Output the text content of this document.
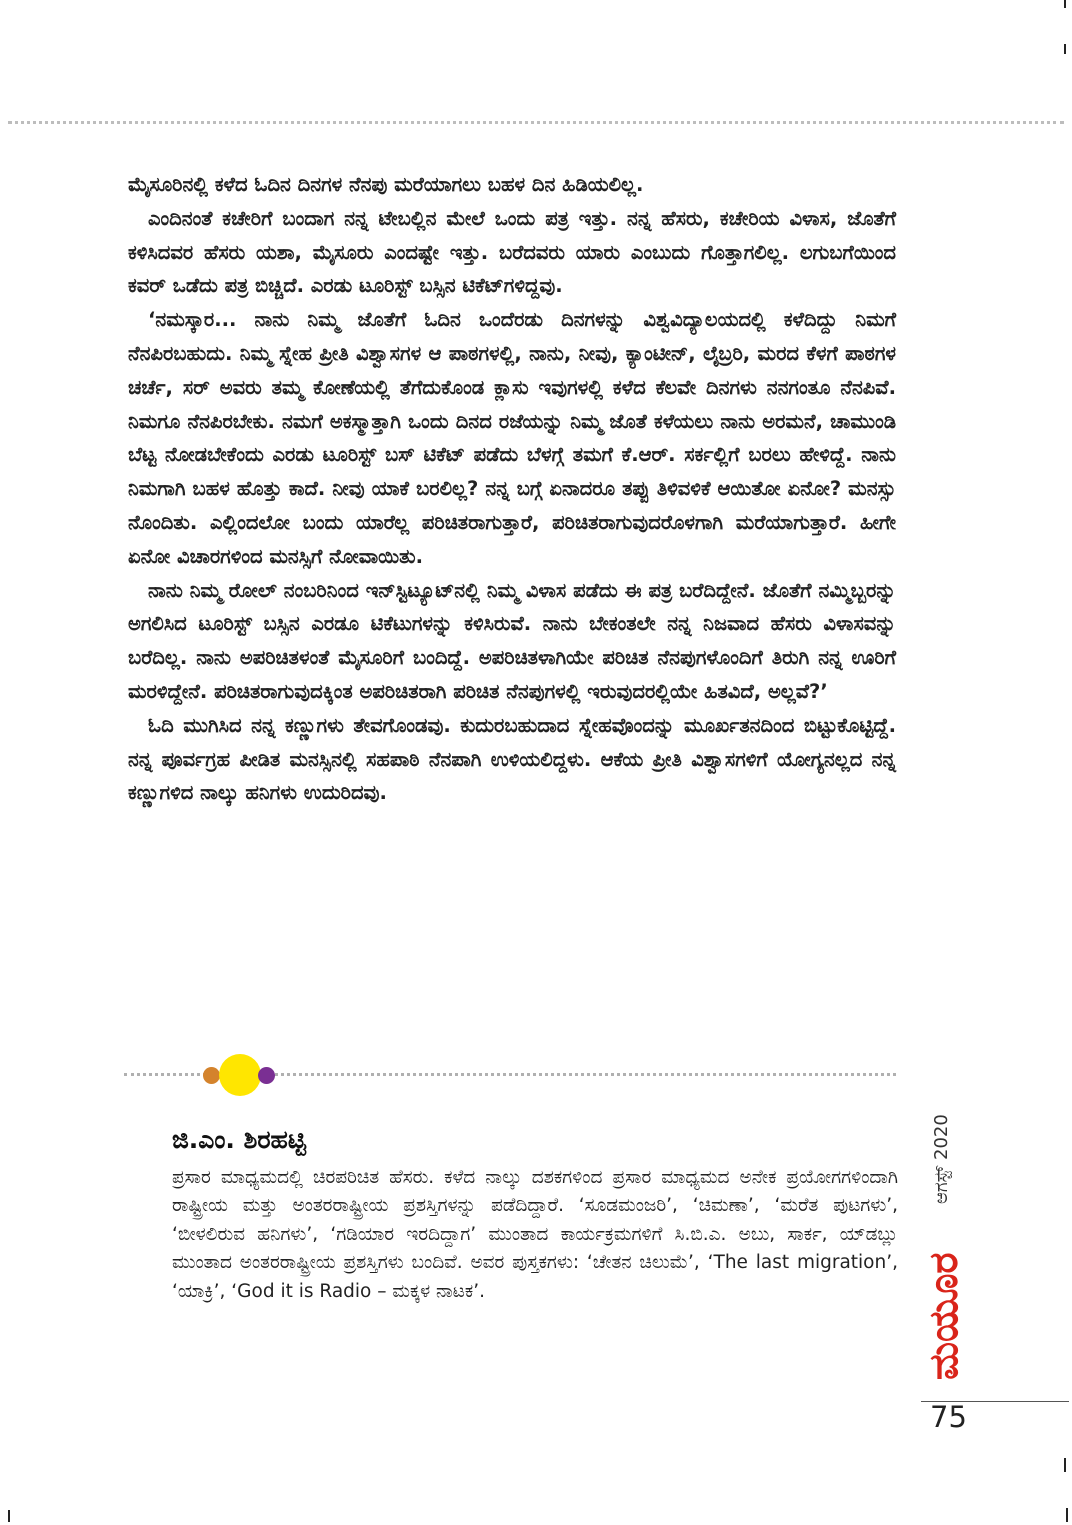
ಮೈಸೂರಿನಲ್ಲಿ ಕಳೆದ ಓದಿನ ದಿನಗಳ ನೆನಪು ಮರೆಯಾಗಲು ಬಹಳ ದಿನ ಹಿಡಿಯಲಿಲ್ಲ.

ಎಂದಿನಂತೆ ಕಚೇರಿಗೆ ಬಂದಾಗ ನನ್ನ ಟೇಬಲ್ಲಿನ ಮೇಲೆ ಒಂದು ಪತ್ರ ಇತ್ತು. ನನ್ನ ಹೆಸರು, ಕಚೇರಿಯ ವಿಳಾಸ, ಜೊತೆಗೆ ಕಳಿಸಿದವರ ಹೆಸರು ಯಶಾ, ಮೈಸೂರು ಎಂದಷ್ಟೇ ಇತ್ತು. ಬರೆದವರು ಯಾರು ಎಂಬುದು ಗೊತ್ತಾಗಲಿಲ್ಲ. ಲಗುಬಗೆಯಿಂದ ಕವರ್ ಒಡೆದು ಪತ್ರ ಬಿಚ್ಚಿದೆ. ಎರಡು ಟೂರಿಸ್ಟ್ ಬಸ್ಸಿನ ಟಿಕೆಟ್‌ಗಳಿದ್ದವು.

‘ನಮಸ್ಕಾರ... ನಾನು ನಿಮ್ಮ ಜೊತೆಗೆ ಓದಿನ ಒಂದೆರಡು ದಿನಗಳನ್ನು ವಿಶ್ವವಿದ್ಯಾಲಯದಲ್ಲಿ ಕಳೆದಿದ್ದು ನಿಮಗೆ ನೆನಪಿರಬಹುದು. ನಿಮ್ಮ ಸ್ನೇಹ ಪ್ರೀತಿ ವಿಶ್ವಾಸಗಳ ಆ ಪಾಠಗಳಲ್ಲಿ, ನಾನು, ನೀವು, ಕ್ಯಾಂಟೀನ್, ಲೈಬ್ರರಿ, ಮರದ ಕೆಳಗೆ ಪಾಠಗಳ ಚರ್ಚೆ, ಸರ್ ಅವರು ತಮ್ಮ ಕೋಣೆಯಲ್ಲಿ ತೆಗೆದುಕೊಂಡ ಕ್ಲಾಸು ಇವುಗಳಲ್ಲಿ ಕಳೆದ ಕೆಲವೇ ದಿನಗಳು ನನಗಂತೂ ನೆನಪಿವೆ. ನಿಮಗೂ ನೆನಪಿರಬೇಕು. ನಮಗೆ ಅಕಸ್ಮಾತ್ತಾಗಿ ಒಂದು ದಿನದ ರಜೆಯನ್ನು ನಿಮ್ಮ ಜೊತೆ ಕಳೆಯಲು ನಾನು ಅರಮನೆ, ಚಾಮುಂಡಿ ಬೆಟ್ಟ ನೋಡಬೇಕೆಂದು ಎರಡು ಟೂರಿಸ್ಟ್ ಬಸ್ ಟಿಕೆಟ್ ಪಡೆದು ಬೆಳಗ್ಗೆ ತಮಗೆ ಕೆ.ಆರ್. ಸರ್ಕಲ್ಲಿಗೆ ಬರಲು ಹೇಳಿದ್ದೆ. ನಾನು ನಿಮಗಾಗಿ ಬಹಳ ಹೊತ್ತು ಕಾದೆ. ನೀವು ಯಾಕೆ ಬರಲಿಲ್ಲ? ನನ್ನ ಬಗ್ಗೆ ಏನಾದರೂ ತಪ್ಪು ತಿಳಿವಳಿಕೆ ಆಯಿತೋ ಏನೋ? ಮನಸ್ಸು ನೊಂದಿತು. ಎಲ್ಲಿಂದಲೋ ಬಂದು ಯಾರೆಲ್ಲ ಪರಿಚಿತರಾಗುತ್ತಾರೆ, ಪರಿಚಿತರಾಗುವುದರೊಳಗಾಗಿ ಮರೆಯಾಗುತ್ತಾರೆ. ಹೀಗೇ ಏನೋ ವಿಚಾರಗಳಿಂದ ಮನಸ್ಸಿಗೆ ನೋವಾಯಿತು.

ನಾನು ನಿಮ್ಮ ರೋಲ್ ನಂಬರಿನಿಂದ ಇನ್‌ಸ್ಟಿಟ್ಯೂಟ್‌ನಲ್ಲಿ ನಿಮ್ಮ ವಿಳಾಸ ಪಡೆದು ಈ ಪತ್ರ ಬರೆದಿದ್ದೇನೆ. ಜೊತೆಗೆ ನಮ್ಮಿಬ್ಬರನ್ನು ಅಗಲಿಸಿದ ಟೂರಿಸ್ಟ್ ಬಸ್ಸಿನ ಎರಡೂ ಟಿಕೆಟುಗಳನ್ನು ಕಳಿಸಿರುವೆ. ನಾನು ಬೇಕಂತಲೇ ನನ್ನ ನಿಜವಾದ ಹೆಸರು ವಿಳಾಸವನ್ನು ಬರೆದಿಲ್ಲ. ನಾನು ಅಪರಿಚಿತಳಂತೆ ಮೈಸೂರಿಗೆ ಬಂದಿದ್ದೆ. ಅಪರಿಚಿತಳಾಗಿಯೇ ಪರಿಚಿತ ನೆನಪುಗಳೊಂದಿಗೆ ತಿರುಗಿ ನನ್ನ ಊರಿಗೆ ಮರಳಿದ್ದೇನೆ. ಪರಿಚಿತರಾಗುವುದಕ್ಕಿಂತ ಅಪರಿಚಿತರಾಗಿ ಪರಿಚಿತ ನೆನಪುಗಳಲ್ಲಿ ಇರುವುದರಲ್ಲಿಯೇ ಹಿತವಿದೆ, ಅಲ್ಲವೆ?’

ಓದಿ ಮುಗಿಸಿದ ನನ್ನ ಕಣ್ಣುಗಳು ತೇವಗೊಂಡವು. ಕುದುರಬಹುದಾದ ಸ್ನೇಹವೊಂದನ್ನು ಮೂರ್ಖತನದಿಂದ ಬಿಟ್ಟುಕೊಟ್ಟಿದ್ದೆ. ನನ್ನ ಪೂರ್ವಗ್ರಹ ಪೀಡಿತ ಮನಸ್ಸಿನಲ್ಲಿ ಸಹಪಾಠಿ ನೆನಪಾಗಿ ಉಳಿಯಲಿದ್ದಳು. ಆಕೆಯ ಪ್ರೀತಿ ವಿಶ್ವಾಸಗಳಿಗೆ ಯೋಗ್ಯನಲ್ಲದ ನನ್ನ ಕಣ್ಣುಗಳಿದ ನಾಲ್ಕು ಹನಿಗಳು ಉದುರಿದವು.

ಜಿ.ಎಂ. ಶಿರಹಟ್ಟಿ
ಪ್ರಸಾರ ಮಾಧ್ಯಮದಲ್ಲಿ ಚಿರಪರಿಚಿತ ಹೆಸರು. ಕಳೆದ ನಾಲ್ಕು ದಶಕಗಳಿಂದ ಪ್ರಸಾರ ಮಾಧ್ಯಮದ ಅನೇಕ ಪ್ರಯೋಗಗಳಿಂದಾಗಿ ರಾಷ್ಟ್ರೀಯ ಮತ್ತು ಅಂತರರಾಷ್ಟ್ರೀಯ ಪ್ರಶಸ್ತಿಗಳನ್ನು ಪಡೆದಿದ್ದಾರೆ. ‘ಸೂಡಮಂಜರಿ’, ‘ಚಿಮಣಾ’, ‘ಮರೆತ ಪುಟಗಳು’, ‘ಬೀಳಲಿರುವ ಹನಿಗಳು’, ‘ಗಡಿಯಾರ ಇರದಿದ್ದಾಗ’ ಮುಂತಾದ ಕಾರ್ಯಕ್ರಮಗಳಿಗೆ ಸಿ.ಬಿ.ಎ. ಅಬು, ಸಾರ್ಕ, ಯ್‌ಡಬ್ಲು ಮುಂತಾದ ಅಂತರರಾಷ್ಟ್ರೀಯ ಪ್ರಶಸ್ತಿಗಳು ಬಂದಿವೆ. ಅವರ ಪುಸ್ತಕಗಳು: ‘ಚೇತನ ಚಿಲುಮೆ’, ‘The last migration’, ‘ಯಾಕ್ರಿ’, ‘God it is Radio – ಮಕ್ಕಳ ನಾಟಕ’.
ಆಗಸ್ಟ್ 2020
ಮಯೂರ
75
